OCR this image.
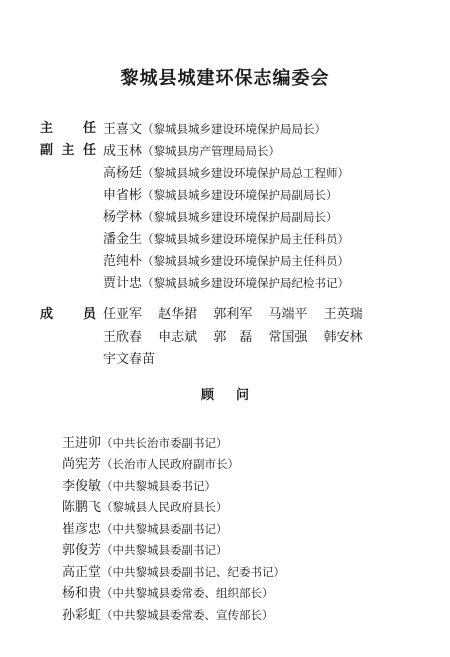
黎城县城建环保志编委会
主 任 王喜文（黎城县城乡建设环境保护局局长）
副 主 任 成玉林（黎城县房产管理局局长）
高杨廷（黎城县城乡建设环境保护局总工程师）
申省彬（黎城县城乡建设环境保护局副局长）
杨学林（黎城县城乡建设环境保护局副局长）
潘金生（黎城县城乡建设环境保护局主任科员）
范纯朴（黎城县城乡建设环境保护局主任科员）
贾计忠（黎城县城乡建设环境保护局纪检书记）
成 员 任亚军 赵华捃 郭利军 马端平 王英瑞
王欣春 申志斌 郭　磊 常国强 韩安林
宇文春苗
顾问
王进卯（中共长治市委副书记）
尚宪芳（长治市人民政府副市长）
李俊敏（中共黎城县委书记）
陈鹏飞（黎城县人民政府县长）
崔彦忠（中共黎城县委副书记）
郭俊芳（中共黎城县委副书记）
高正堂（中共黎城县委副书记、纪委书记）
杨和贵（中共黎城县委常委、组织部长）
孙彩虹（中共黎城县委常委、宣传部长）
